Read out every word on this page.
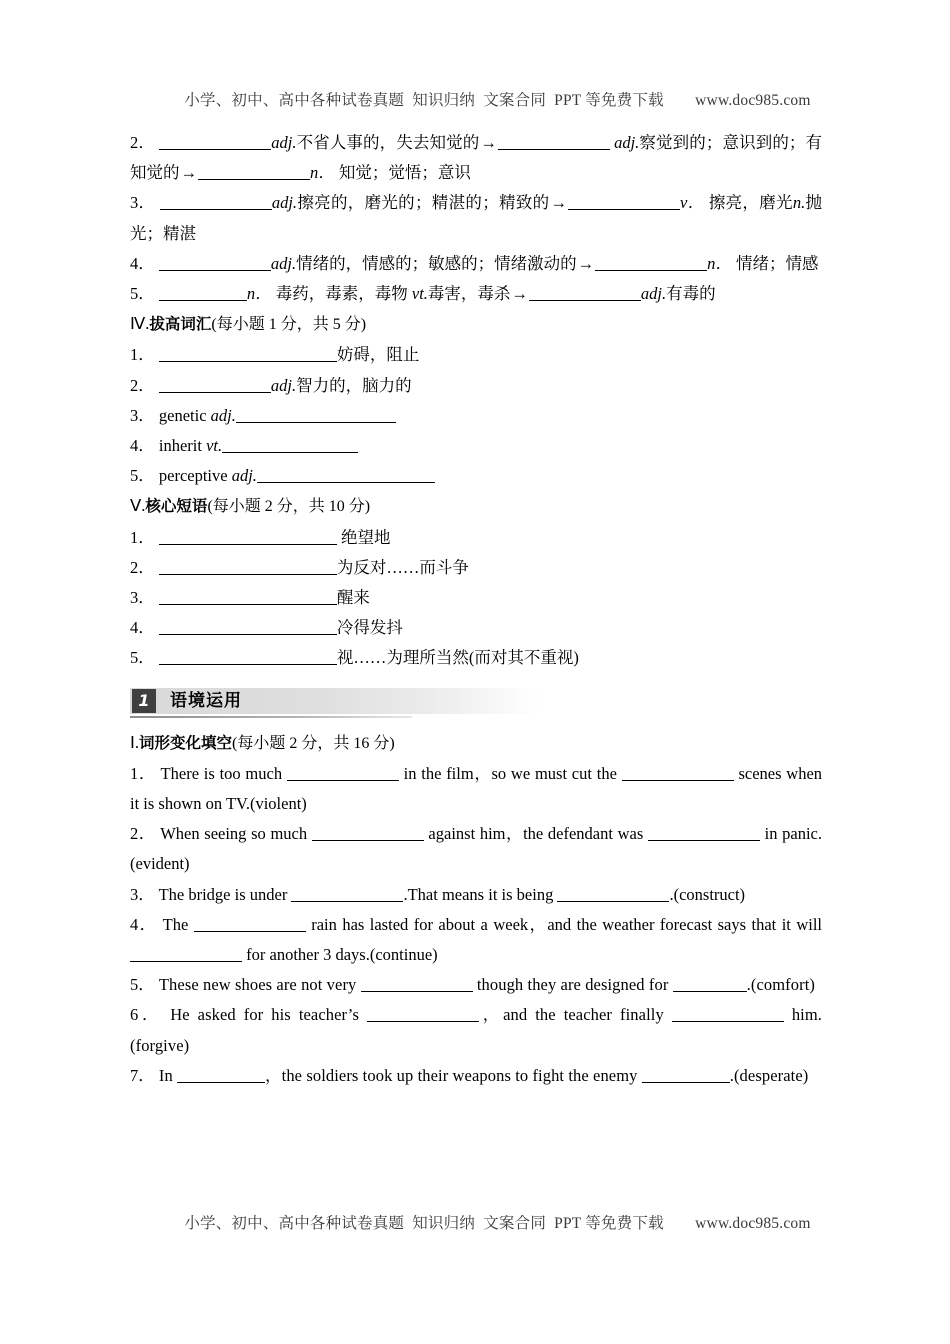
小学、初中、高中各种试卷真题  知识归纳  文案合同  PPT 等免费下载　　www.doc985.com

2．	adj.不省人事的，失去知觉的→	adj.察觉到的；意识到的；有知觉的→	n． 知觉；觉悟；意识

3．	adj.擦亮的，磨光的；精湛的；精致的→	v． 擦亮，磨光n.抛光；精湛

4．	adj.情绪的，情感的；敏感的；情绪激动的→	n． 情绪；情感

5．	n． 毒药，毒素，毒物 vt.毒害，毒杀→	adj.有毒的

Ⅳ.拔高词汇(每小题 1 分，共 5 分)

1．	妨碍，阻止

2．	adj.智力的，脑力的

3． genetic adj.

4． inherit vt.

5． perceptive adj.

Ⅴ.核心短语(每小题 2 分，共 10 分)

1．	绝望地

2．	为反对……而斗争

3．	醒来

4．	冷得发抖

5．	视……为理所当然(而对其不重视)

1	语境运用

Ⅰ.词形变化填空(每小题 2 分，共 16 分)

1． There is too much	in the film，so we must cut the	scenes when it is shown on TV.(violent)

2． When seeing so much	against him，the defendant was	in panic.(evident)

3． The bridge is under	.That means it is being	.(construct)

4． The	rain has lasted for about a week，and the weather forecast says that it will  for another 3 days.(continue)

5． These new shoes are not very	though they are designed for	.(comfort)

6． He asked for his teacher’s	，and the teacher finally	him.(forgive)

7． In	，the soldiers took up their weapons to fight the enemy	.(desperate)

小学、初中、高中各种试卷真题  知识归纳  文案合同  PPT 等免费下载　　www.doc985.com
